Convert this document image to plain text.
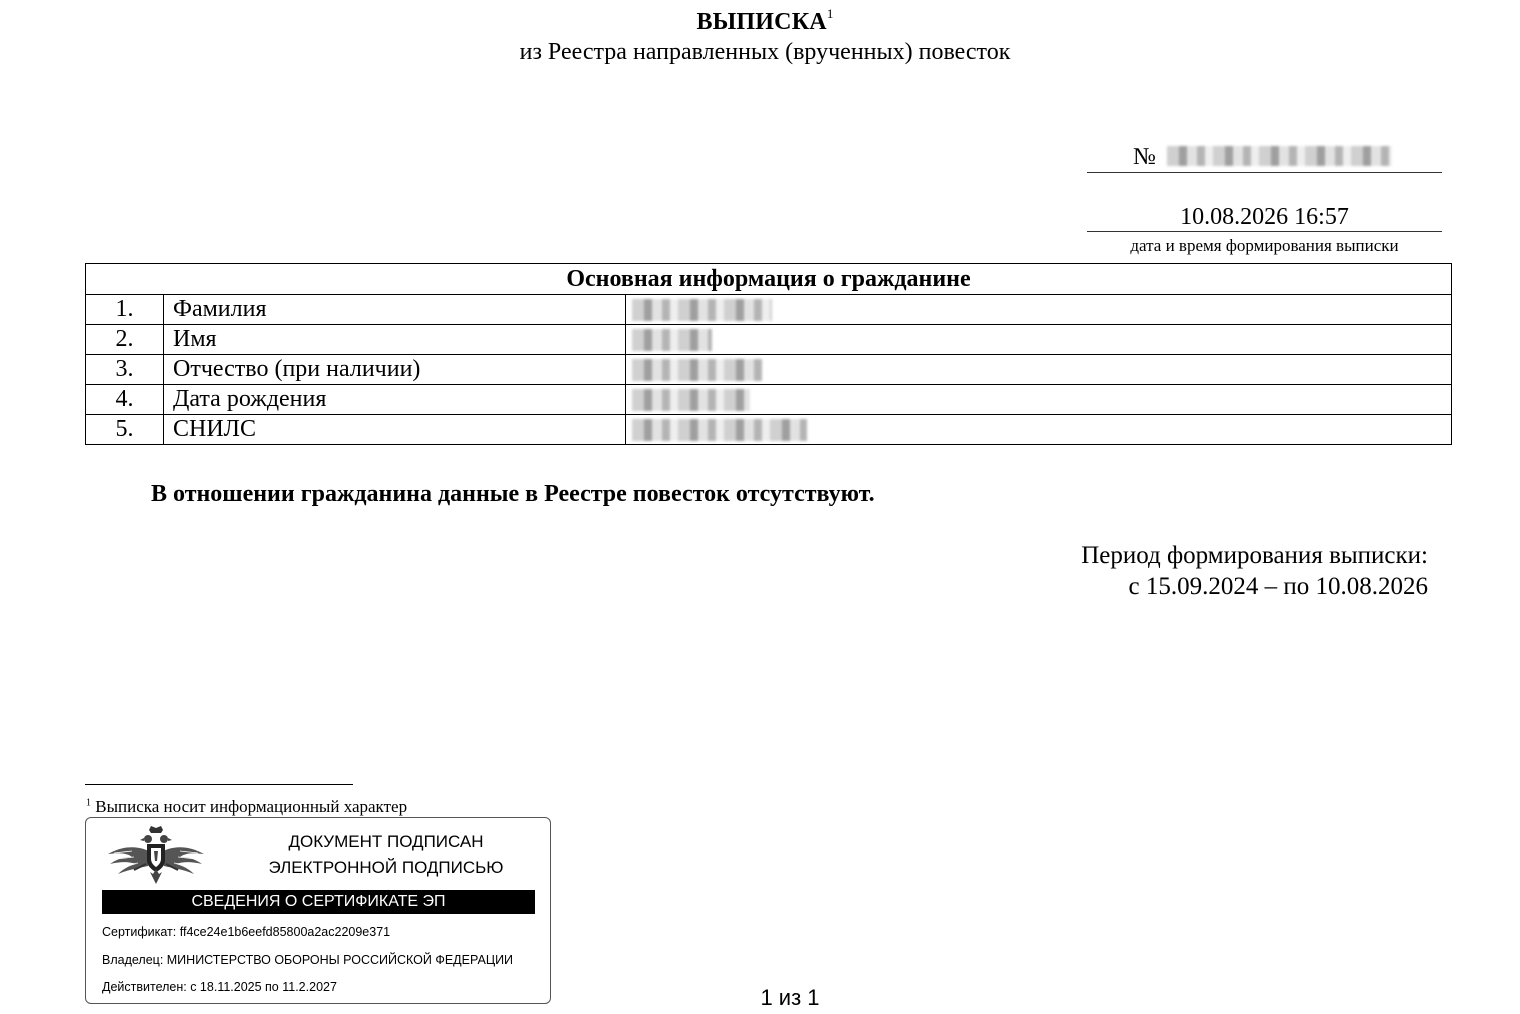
ВЫПИСКА$^1$
из Реестра направленных (врученных) повесток
№
10.08.2026 16:57
дата и время формирования выписки
Основная информация о гражданине		
1.	Фамилия	

2.	Имя	

3.	Отчество (при наличии)	

4.	Дата рождения	

5.	СНИЛС	
В отношении гражданина данные в Реестре повесток отсутствуют.
Период формирования выписки:
с 15.09.2024 – по 10.08.2026
$^1$ Выписка носит информационный характер
ДОКУМЕНТ ПОДПИСАН
ЭЛЕКТРОННОЙ ПОДПИСЬЮ
СВЕДЕНИЯ О СЕРТИФИКАТЕ ЭП
Сертификат: ff4ce24e1b6eefd85800a2ac2209e371
Владелец: МИНИСТЕРСТВО ОБОРОНЫ РОССИЙСКОЙ ФЕДЕРАЦИИ
Действителен: с 18.11.2025 по 11.2.2027	1 из 1
